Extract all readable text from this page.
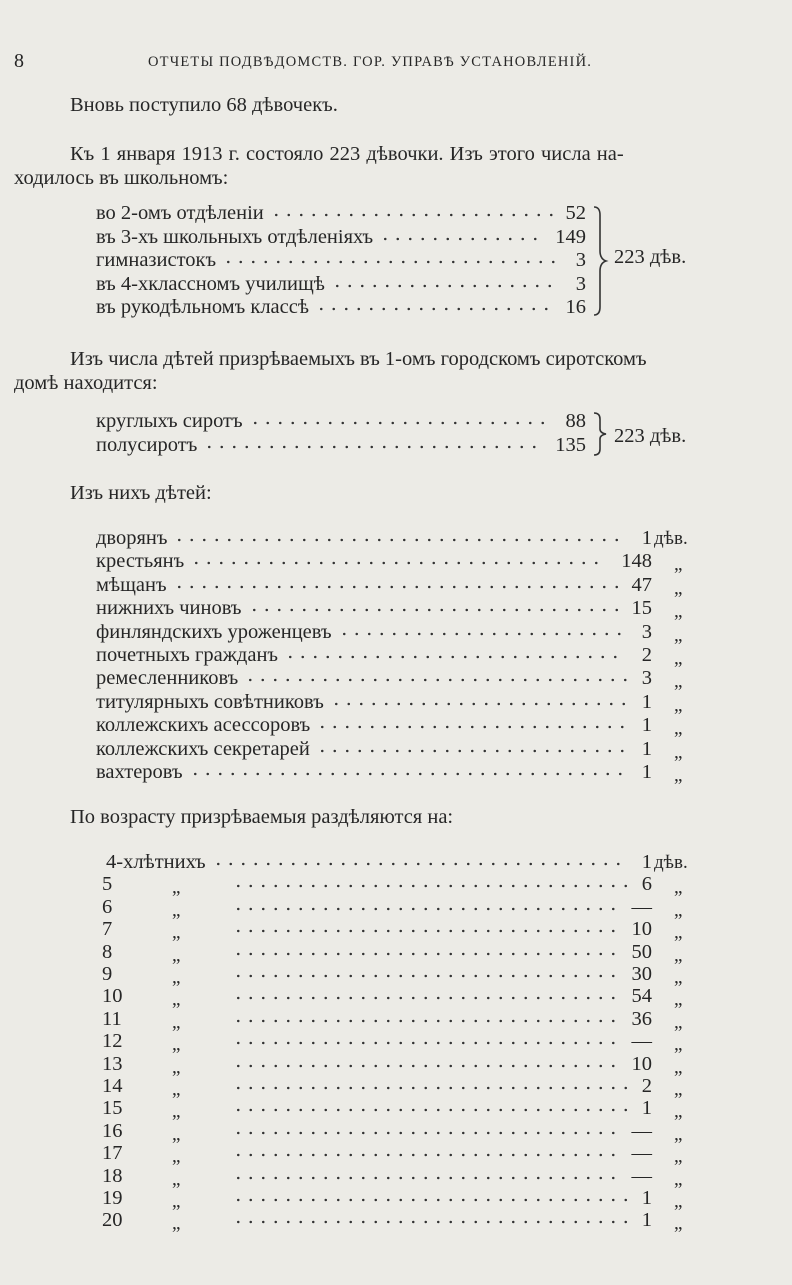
8	ОТЧЕТЫ ПОДВѢДОМСТВ. ГОР. УПРАВѢ УСТАНОВЛЕНІЙ.
Вновь поступило 68 дѣвочекъ.
Къ 1 января 1913 г. состояло 223 дѣвочки. Изъ этого числа на-
ходилось въ школьномъ:
во 2-омъ отдѣленіи	52
въ 3-хъ школьныхъ отдѣленіяхъ	149
гимназистокъ	3
въ 4-хклассномъ училищѣ	3
въ рукодѣльномъ классѣ	16
223 дѣв.
Изъ числа дѣтей призрѣваемыхъ въ 1-омъ городскомъ сиротскомъ
домѣ находится:
круглыхъ сиротъ	88
полусиротъ	135 223 дѣв.
Изъ нихъ дѣтей:
дворянъ	1 дѣв.
крестьянъ	148 „
мѣщанъ	47 „
нижнихъ чиновъ	15 „
финляндскихъ уроженцевъ	3 „
почетныхъ гражданъ	2 „
ремесленниковъ	3 „
титулярныхъ совѣтниковъ	1 „
коллежскихъ асессоровъ	1 „
коллежскихъ секретарей	1 „
вахтеровъ	1 „
По возрасту призрѣваемыя раздѣляются на:
4-хлѣтнихъ	1 дѣв.
5	„	6 „
6	„	— „
7	„	10 „
8	„	50 „
9	„	30 „
10	„	54 „
11	„	36 „
12	„	— „
13	„	10 „
14	„	2 „
15	„	1 „
16	„	— „
17	„	— „
18	„	— „
19	„	1 „
20	„	1 „
